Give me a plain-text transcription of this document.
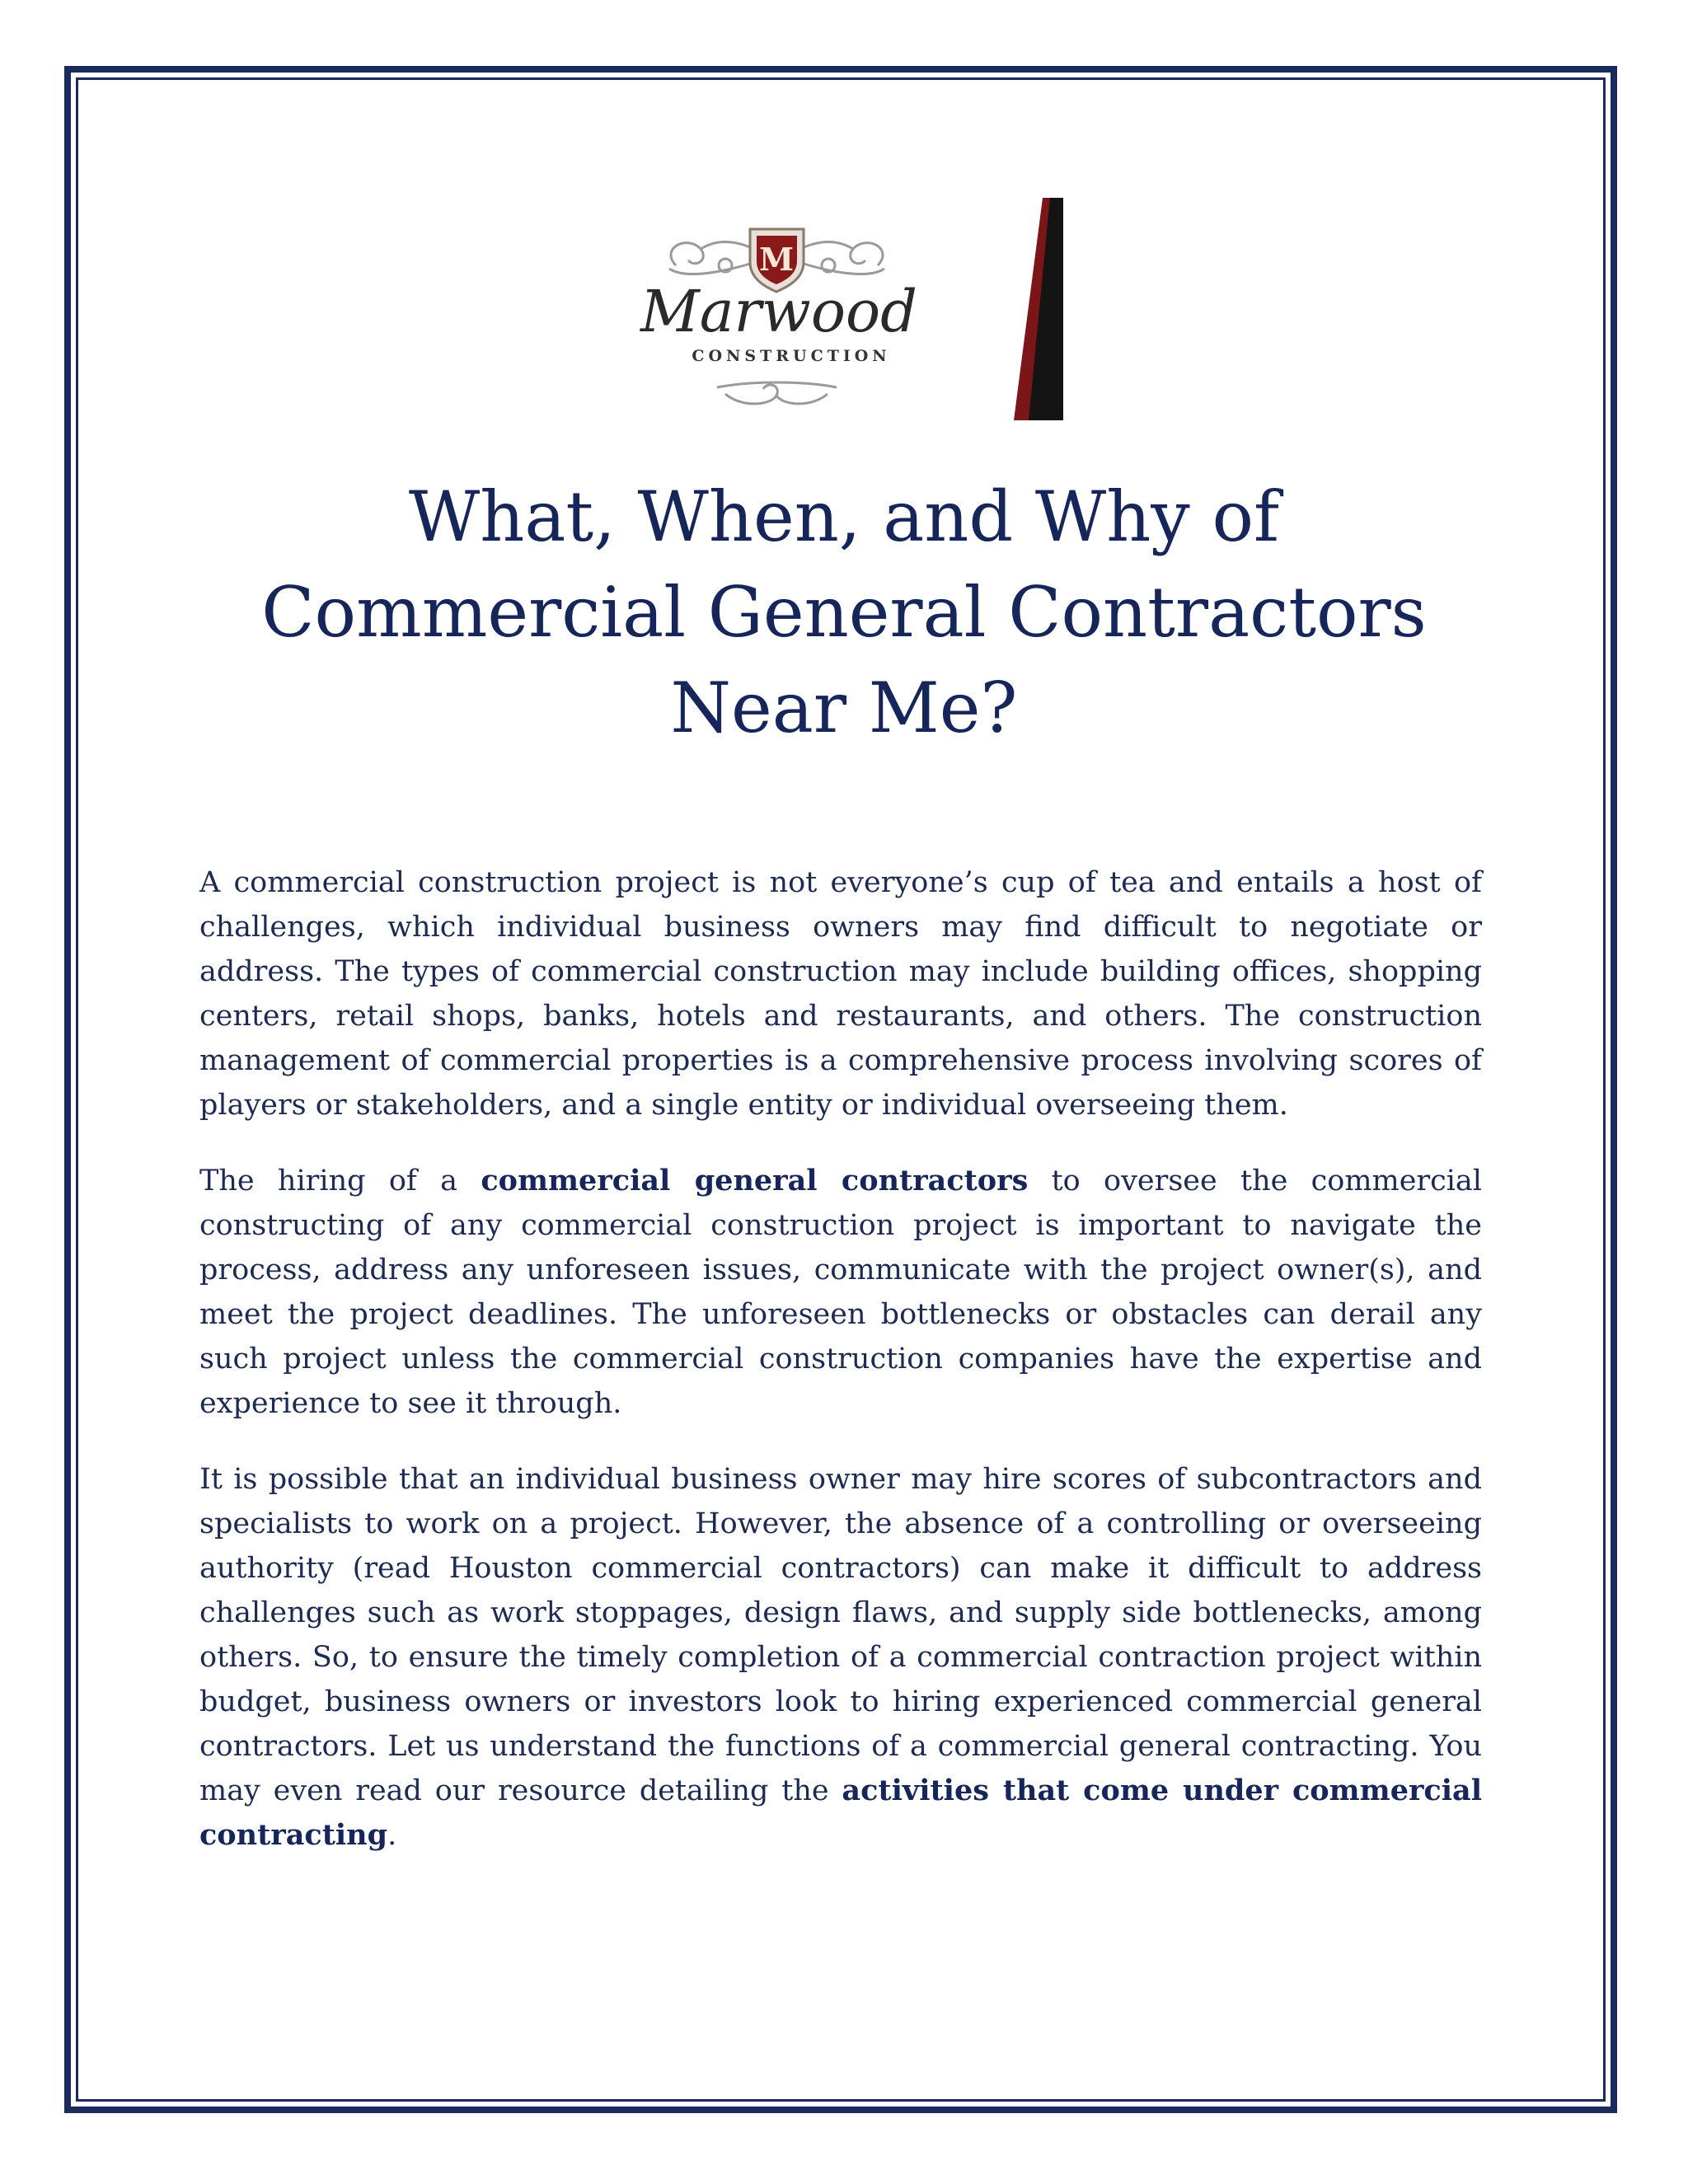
M
Marwood
CONSTRUCTION
What, When, and Why of
Commercial General Contractors
Near Me?

A commercial construction project is not everyone’s cup of tea and entails a host of challenges, which individual business owners may find difficult to negotiate or address. The types of commercial construction may include building offices, shopping centers, retail shops, banks, hotels and restaurants, and others. The construction management of commercial properties is a comprehensive process involving scores of players or stakeholders, and a single entity or individual overseeing them.

The hiring of a commercial general contractors to oversee the commercial constructing of any commercial construction project is important to navigate the process, address any unforeseen issues, communicate with the project owner(s), and meet the project deadlines. The unforeseen bottlenecks or obstacles can derail any such project unless the commercial construction companies have the expertise and experience to see it through.

It is possible that an individual business owner may hire scores of subcontractors and specialists to work on a project. However, the absence of a controlling or overseeing authority (read Houston commercial contractors) can make it difficult to address challenges such as work stoppages, design flaws, and supply side bottlenecks, among others. So, to ensure the timely completion of a commercial contraction project within budget, business owners or investors look to hiring experienced commercial general contractors. Let us understand the functions of a commercial general contracting. You may even read our resource detailing the activities that come under commercial contracting.
